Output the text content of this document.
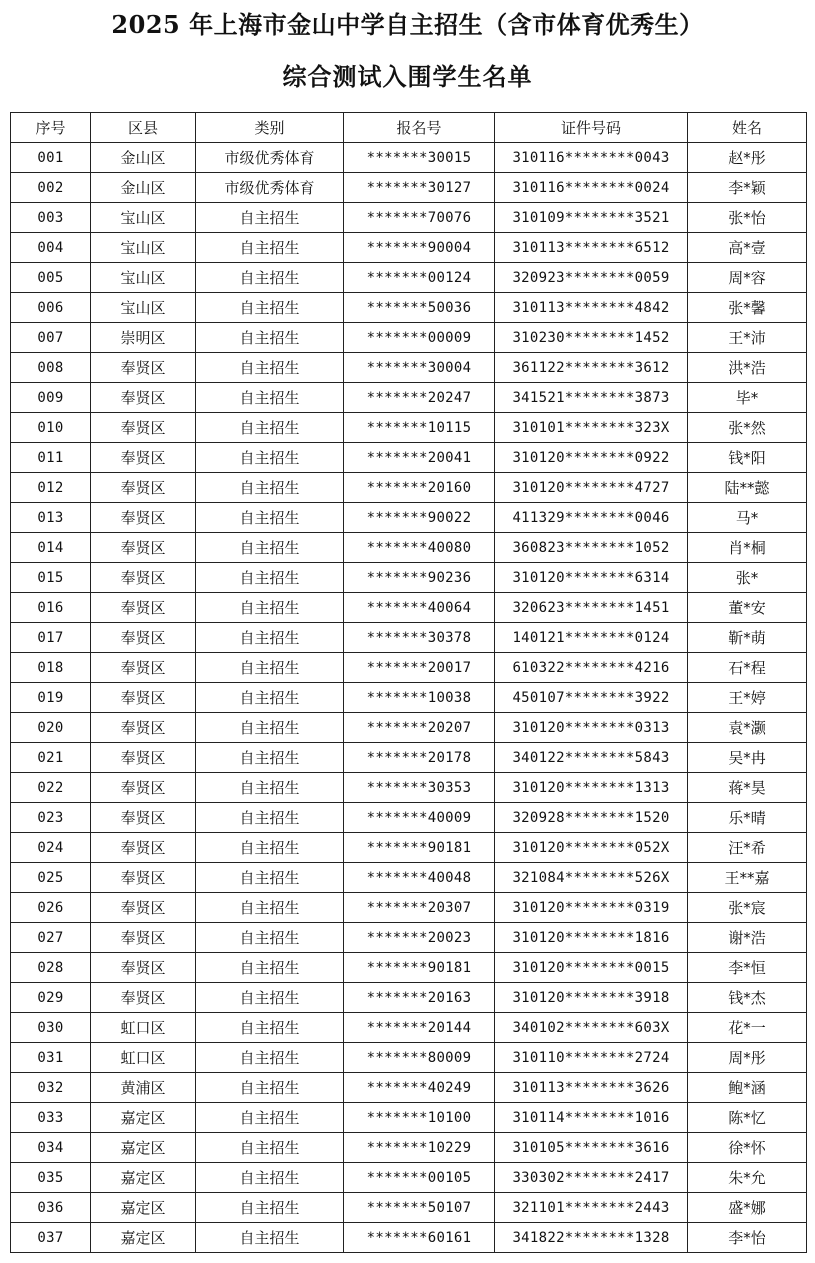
2025 年上海市金山中学自主招生（含市体育优秀生）
综合测试入围学生名单
序号	区县	类别	报名号	证件号码	姓名
001	金山区	市级优秀体育	*******30015	310116********0043	赵*彤
002	金山区	市级优秀体育	*******30127	310116********0024	李*颖
003	宝山区	自主招生	*******70076	310109********3521	张*怡
004	宝山区	自主招生	*******90004	310113********6512	高*壹
005	宝山区	自主招生	*******00124	320923********0059	周*容
006	宝山区	自主招生	*******50036	310113********4842	张*馨
007	崇明区	自主招生	*******00009	310230********1452	王*沛
008	奉贤区	自主招生	*******30004	361122********3612	洪*浩
009	奉贤区	自主招生	*******20247	341521********3873	毕*
010	奉贤区	自主招生	*******10115	310101********323X	张*然
011	奉贤区	自主招生	*******20041	310120********0922	钱*阳
012	奉贤区	自主招生	*******20160	310120********4727	陆**懿
013	奉贤区	自主招生	*******90022	411329********0046	马*
014	奉贤区	自主招生	*******40080	360823********1052	肖*桐
015	奉贤区	自主招生	*******90236	310120********6314	张*
016	奉贤区	自主招生	*******40064	320623********1451	董*安
017	奉贤区	自主招生	*******30378	140121********0124	靳*萌
018	奉贤区	自主招生	*******20017	610322********4216	石*程
019	奉贤区	自主招生	*******10038	450107********3922	王*婷
020	奉贤区	自主招生	*******20207	310120********0313	袁*灏
021	奉贤区	自主招生	*******20178	340122********5843	吴*冉
022	奉贤区	自主招生	*******30353	310120********1313	蒋*昊
023	奉贤区	自主招生	*******40009	320928********1520	乐*晴
024	奉贤区	自主招生	*******90181	310120********052X	汪*希
025	奉贤区	自主招生	*******40048	321084********526X	王**嘉
026	奉贤区	自主招生	*******20307	310120********0319	张*宸
027	奉贤区	自主招生	*******20023	310120********1816	谢*浩
028	奉贤区	自主招生	*******90181	310120********0015	李*恒
029	奉贤区	自主招生	*******20163	310120********3918	钱*杰
030	虹口区	自主招生	*******20144	340102********603X	花*一
031	虹口区	自主招生	*******80009	310110********2724	周*彤
032	黄浦区	自主招生	*******40249	310113********3626	鲍*涵
033	嘉定区	自主招生	*******10100	310114********1016	陈*忆
034	嘉定区	自主招生	*******10229	310105********3616	徐*怀
035	嘉定区	自主招生	*******00105	330302********2417	朱*允
036	嘉定区	自主招生	*******50107	321101********2443	盛*娜
037	嘉定区	自主招生	*******60161	341822********1328	李*怡
